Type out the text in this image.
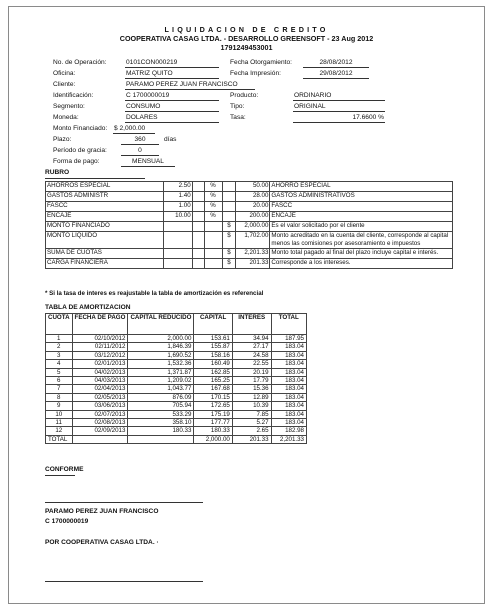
LIQUIDACION DE CREDITO
COOPERATIVA CASAG LTDA. - DESARROLLO GREENSOFT - 23 Aug 2012
1791249453001
No. de Operación:	0101CON000219
Oficina:	MATRIZ QUITO
Cliente:	PARAMO PEREZ JUAN FRANCISCO
Identificación:	C 1700000019
Segmento:	CONSUMO
Moneda:	DOLARES
Monto Financiado: $ 2,000.00
Plazo:	360	días
Período de gracia:	0
Forma de pago:	MENSUAL
Fecha Otorgamiento:	28/08/2012
Fecha Impresión:	29/08/2012
Producto:	ORDINARIO
Tipo:	ORIGINAL
Tasa:	17.6600 %
RUBRO
AHORROS ESPECIAL	2.50		%		50.00	AHORRO ESPECIAL
GASTOS ADMINISTR	1.40		%		28.00	GASTOS ADMINISTRATIVOS
FASCC	1.00		%		20.00	FASCC
ENCAJE	10.00		%		200.00	ENCAJE
MONTO FINANCIADO				$	2,000.00	Es el valor solicitado por el cliente
MONTO LIQUIDO				$	1,702.00	Monto acreditado en la cuenta del cliente, corresponde al capital menos las comisiones por asesoramiento e impuestos
SUMA DE CUOTAS				$	2,201.33	Monto total pagado al final del plazo incluye capital e interés.
CARGA FINANCIERA				$	201.33	Corresponde a los intereses.
* Si la tasa de interes es reajustable la tabla de amortización es referencial
TABLA DE AMORTIZACION
CUOTA	FECHA DE PAGO	CAPITAL REDUCIDO	CAPITAL	INTERES	TOTAL
1	02/10/2012	2,000.00	153.61	34.94	187.95
2	02/11/2012	1,846.39	155.87	27.17	183.04
3	03/12/2012	1,690.52	158.16	24.58	183.04
4	02/01/2013	1,532.36	160.49	22.55	183.04
5	04/02/2013	1,371.87	162.85	20.19	183.04
6	04/03/2013	1,209.02	165.25	17.79	183.04
7	02/04/2013	1,043.77	167.68	15.36	183.04
8	02/05/2013	876.09	170.15	12.89	183.04
9	03/06/2013	705.94	172.65	10.39	183.04
10	02/07/2013	533.29	175.19	7.85	183.04
11	02/08/2013	358.10	177.77	5.27	183.04
12	02/09/2013	180.33	180.33	2.65	182.98
TOTAL			2,000.00	201.33	2,201.33
CONFORME
PARAMO PEREZ JUAN FRANCISCO
C 1700000019
POR COOPERATIVA CASAG LTDA. ·
